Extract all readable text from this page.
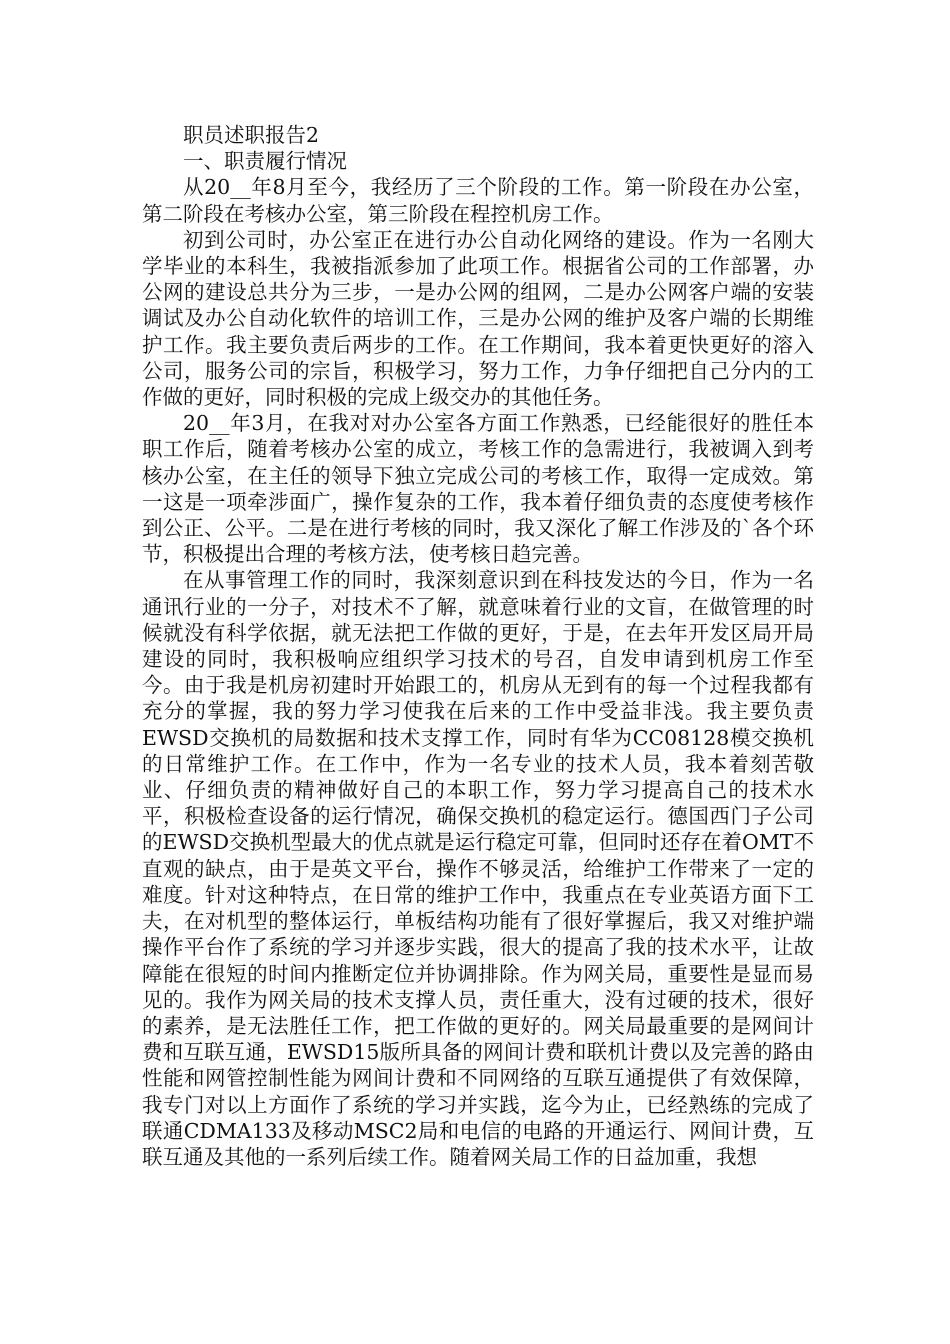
职员述职报告2

一、职责履行情况

从20__年8月至今，我经历了三个阶段的工作。第一阶段在办公室，第二阶段在考核办公室，第三阶段在程控机房工作。

初到公司时，办公室正在进行办公自动化网络的建设。作为一名刚大学毕业的本科生，我被指派参加了此项工作。根据省公司的工作部署，办公网的建设总共分为三步，一是办公网的组网，二是办公网客户端的安装调试及办公自动化软件的培训工作，三是办公网的维护及客户端的长期维护工作。我主要负责后两步的工作。在工作期间，我本着更快更好的溶入公司，服务公司的宗旨，积极学习，努力工作，力争仔细把自己分内的工作做的更好，同时积极的完成上级交办的其他任务。

20__年3月，在我对对办公室各方面工作熟悉，已经能很好的胜任本职工作后，随着考核办公室的成立，考核工作的急需进行，我被调入到考核办公室，在主任的领导下独立完成公司的考核工作，取得一定成效。第一这是一项牵涉面广，操作复杂的工作，我本着仔细负责的态度使考核作到公正、公平。二是在进行考核的同时，我又深化了解工作涉及的`各个环节，积极提出合理的考核方法，使考核日趋完善。

在从事管理工作的同时，我深刻意识到在科技发达的今日，作为一名通讯行业的一分子，对技术不了解，就意味着行业的文盲，在做管理的时候就没有科学依据，就无法把工作做的更好，于是，在去年开发区局开局建设的同时，我积极响应组织学习技术的号召，自发申请到机房工作至今。由于我是机房初建时开始跟工的，机房从无到有的每一个过程我都有充分的掌握，我的努力学习使我在后来的工作中受益非浅。我主要负责EWSD交换机的局数据和技术支撑工作，同时有华为CC08128模交换机的日常维护工作。在工作中，作为一名专业的技术人员，我本着刻苦敬业、仔细负责的精神做好自己的本职工作，努力学习提高自己的技术水平，积极检查设备的运行情况，确保交换机的稳定运行。德国西门子公司的EWSD交换机型最大的优点就是运行稳定可靠，但同时还存在着OMT不直观的缺点，由于是英文平台，操作不够灵活，给维护工作带来了一定的难度。针对这种特点，在日常的维护工作中，我重点在专业英语方面下工夫，在对机型的整体运行，单板结构功能有了很好掌握后，我又对维护端操作平台作了系统的学习并逐步实践，很大的提高了我的技术水平，让故障能在很短的时间内推断定位并协调排除。作为网关局，重要性是显而易见的。我作为网关局的技术支撑人员，责任重大，没有过硬的技术，很好的素养，是无法胜任工作，把工作做的更好的。网关局最重要的是网间计费和互联互通，EWSD15版所具备的网间计费和联机计费以及完善的路由性能和网管控制性能为网间计费和不同网络的互联互通提供了有效保障，我专门对以上方面作了系统的学习并实践，迄今为止，已经熟练的完成了联通CDMA133及移动MSC2局和电信的电路的开通运行、网间计费，互联互通及其他的一系列后续工作。随着网关局工作的日益加重，我想
